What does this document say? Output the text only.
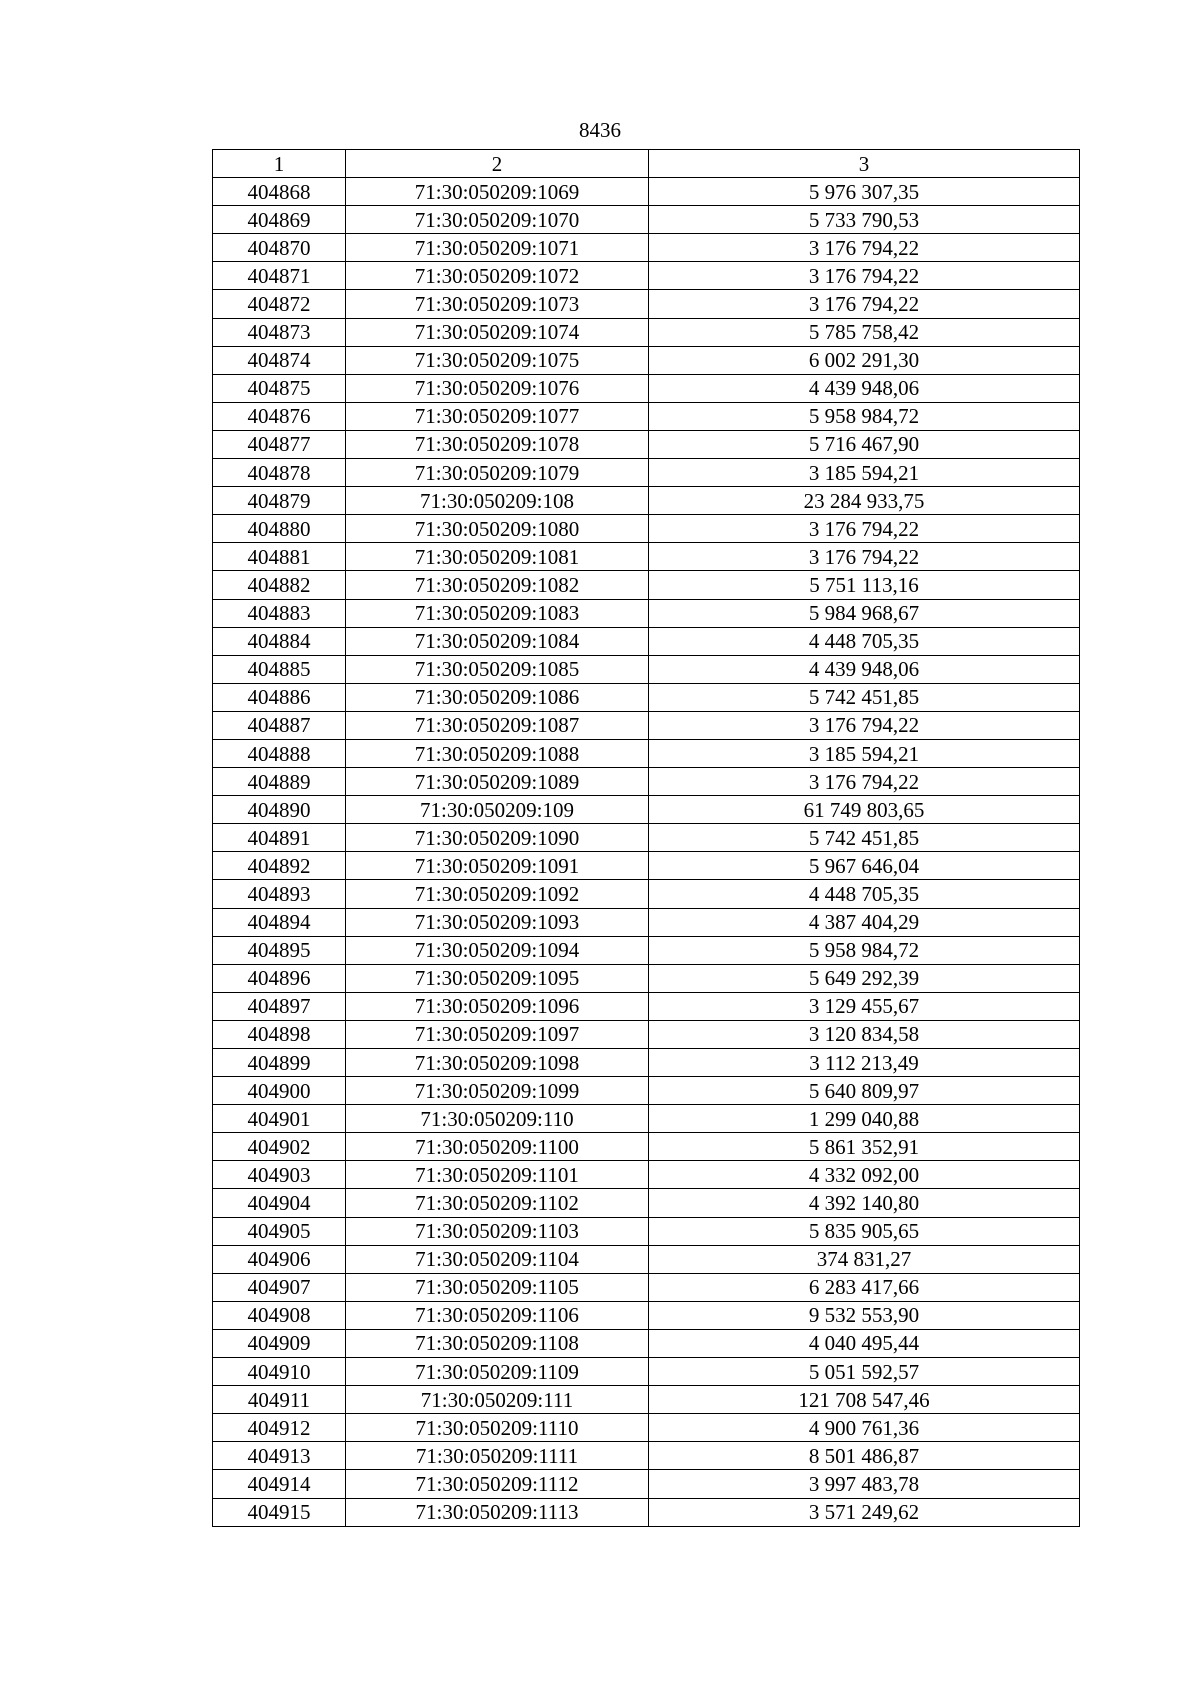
8436
1	2	3
404868	71:30:050209:1069	5 976 307,35
404869	71:30:050209:1070	5 733 790,53
404870	71:30:050209:1071	3 176 794,22
404871	71:30:050209:1072	3 176 794,22
404872	71:30:050209:1073	3 176 794,22
404873	71:30:050209:1074	5 785 758,42
404874	71:30:050209:1075	6 002 291,30
404875	71:30:050209:1076	4 439 948,06
404876	71:30:050209:1077	5 958 984,72
404877	71:30:050209:1078	5 716 467,90
404878	71:30:050209:1079	3 185 594,21
404879	71:30:050209:108	23 284 933,75
404880	71:30:050209:1080	3 176 794,22
404881	71:30:050209:1081	3 176 794,22
404882	71:30:050209:1082	5 751 113,16
404883	71:30:050209:1083	5 984 968,67
404884	71:30:050209:1084	4 448 705,35
404885	71:30:050209:1085	4 439 948,06
404886	71:30:050209:1086	5 742 451,85
404887	71:30:050209:1087	3 176 794,22
404888	71:30:050209:1088	3 185 594,21
404889	71:30:050209:1089	3 176 794,22
404890	71:30:050209:109	61 749 803,65
404891	71:30:050209:1090	5 742 451,85
404892	71:30:050209:1091	5 967 646,04
404893	71:30:050209:1092	4 448 705,35
404894	71:30:050209:1093	4 387 404,29
404895	71:30:050209:1094	5 958 984,72
404896	71:30:050209:1095	5 649 292,39
404897	71:30:050209:1096	3 129 455,67
404898	71:30:050209:1097	3 120 834,58
404899	71:30:050209:1098	3 112 213,49
404900	71:30:050209:1099	5 640 809,97
404901	71:30:050209:110	1 299 040,88
404902	71:30:050209:1100	5 861 352,91
404903	71:30:050209:1101	4 332 092,00
404904	71:30:050209:1102	4 392 140,80
404905	71:30:050209:1103	5 835 905,65
404906	71:30:050209:1104	374 831,27
404907	71:30:050209:1105	6 283 417,66
404908	71:30:050209:1106	9 532 553,90
404909	71:30:050209:1108	4 040 495,44
404910	71:30:050209:1109	5 051 592,57
404911	71:30:050209:111	121 708 547,46
404912	71:30:050209:1110	4 900 761,36
404913	71:30:050209:1111	8 501 486,87
404914	71:30:050209:1112	3 997 483,78
404915	71:30:050209:1113	3 571 249,62
